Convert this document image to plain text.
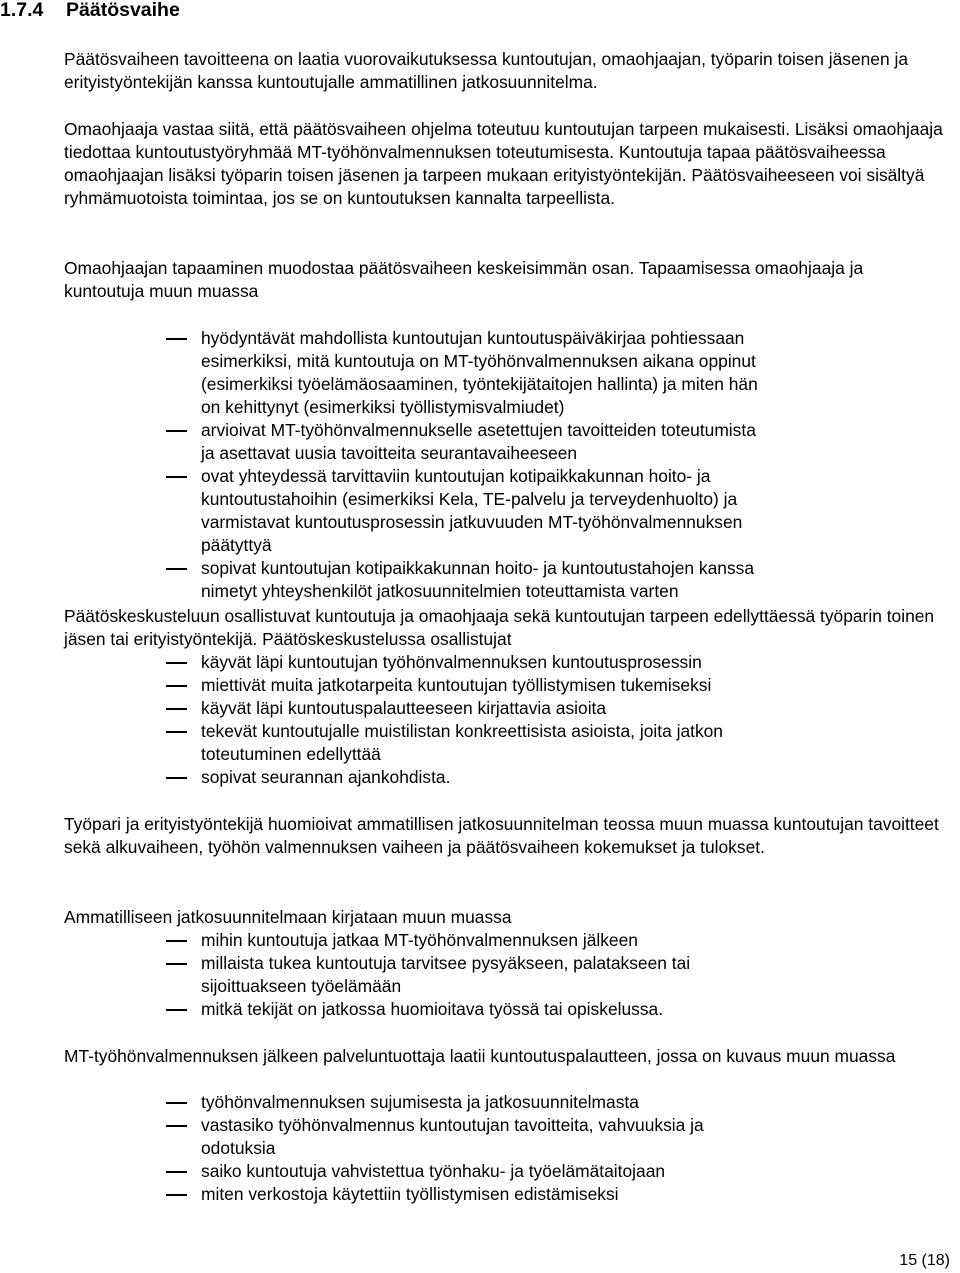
1.7.4 Päätösvaihe

Päätösvaiheen tavoitteena on laatia vuorovaikutuksessa kuntoutujan, omaohjaajan, työparin toisen jäsenen ja erityistyöntekijän kanssa kuntoutujalle ammatillinen jatkosuunnitelma.

Omaohjaaja vastaa siitä, että päätösvaiheen ohjelma toteutuu kuntoutujan tarpeen mukaisesti. Lisäksi omaohjaaja tiedottaa kuntoutustyöryhmää MT-työhönvalmennuksen toteutumisesta. Kuntoutuja tapaa päätösvaiheessa omaohjaajan lisäksi työparin toisen jäsenen ja tarpeen mukaan erityistyöntekijän. Päätösvaiheeseen voi sisältyä ryhmämuotoista toimintaa, jos se on kuntoutuksen kannalta tarpeellista.

Omaohjaajan tapaaminen muodostaa päätösvaiheen keskeisimmän osan. Tapaamisessa omaohjaaja ja kuntoutuja muun muassa

hyödyntävät mahdollista kuntoutujan kuntoutuspäiväkirjaa pohtiessaan esimerkiksi, mitä kuntoutuja on MT-työhönvalmennuksen aikana oppinut (esimerkiksi työelämäosaaminen, työntekijätaitojen hallinta) ja miten hän on kehittynyt (esimerkiksi työllistymisvalmiudet)
arvioivat MT-työhönvalmennukselle asetettujen tavoitteiden toteutumista ja asettavat uusia tavoitteita seurantavaiheeseen
ovat yhteydessä tarvittaviin kuntoutujan kotipaikkakunnan hoito- ja kuntoutustahoihin (esimerkiksi Kela, TE-palvelu ja terveydenhuolto) ja varmistavat kuntoutusprosessin jatkuvuuden MT-työhönvalmennuksen päätyttyä
sopivat kuntoutujan kotipaikkakunnan hoito- ja kuntoutustahojen kanssa nimetyt yhteyshenkilöt jatkosuunnitelmien toteuttamista varten

Päätöskeskusteluun osallistuvat kuntoutuja ja omaohjaaja sekä kuntoutujan tarpeen edellyttäessä työparin toinen jäsen tai erityistyöntekijä. Päätöskeskustelussa osallistujat

käyvät läpi kuntoutujan työhönvalmennuksen kuntoutusprosessin
miettivät muita jatkotarpeita kuntoutujan työllistymisen tukemiseksi
käyvät läpi kuntoutuspalautteeseen kirjattavia asioita
tekevät kuntoutujalle muistilistan konkreettisista asioista, joita jatkon toteutuminen edellyttää
sopivat seurannan ajankohdista.

Työpari ja erityistyöntekijä huomioivat ammatillisen jatkosuunnitelman teossa muun muassa kuntoutujan tavoitteet sekä alkuvaiheen, työhön valmennuksen vaiheen ja päätösvaiheen kokemukset ja tulokset.

Ammatilliseen jatkosuunnitelmaan kirjataan muun muassa

mihin kuntoutuja jatkaa MT-työhönvalmennuksen jälkeen
millaista tukea kuntoutuja tarvitsee pysyäkseen, palatakseen tai sijoittuakseen työelämään
mitkä tekijät on jatkossa huomioitava työssä tai opiskelussa.

MT-työhönvalmennuksen jälkeen palveluntuottaja laatii kuntoutuspalautteen, jossa on kuvaus muun muassa

työhönvalmennuksen sujumisesta ja jatkosuunnitelmasta
vastasiko työhönvalmennus kuntoutujan tavoitteita, vahvuuksia ja odotuksia
saiko kuntoutuja vahvistettua työnhaku- ja työelämätaitojaan
miten verkostoja käytettiin työllistymisen edistämiseksi
15 (18)
